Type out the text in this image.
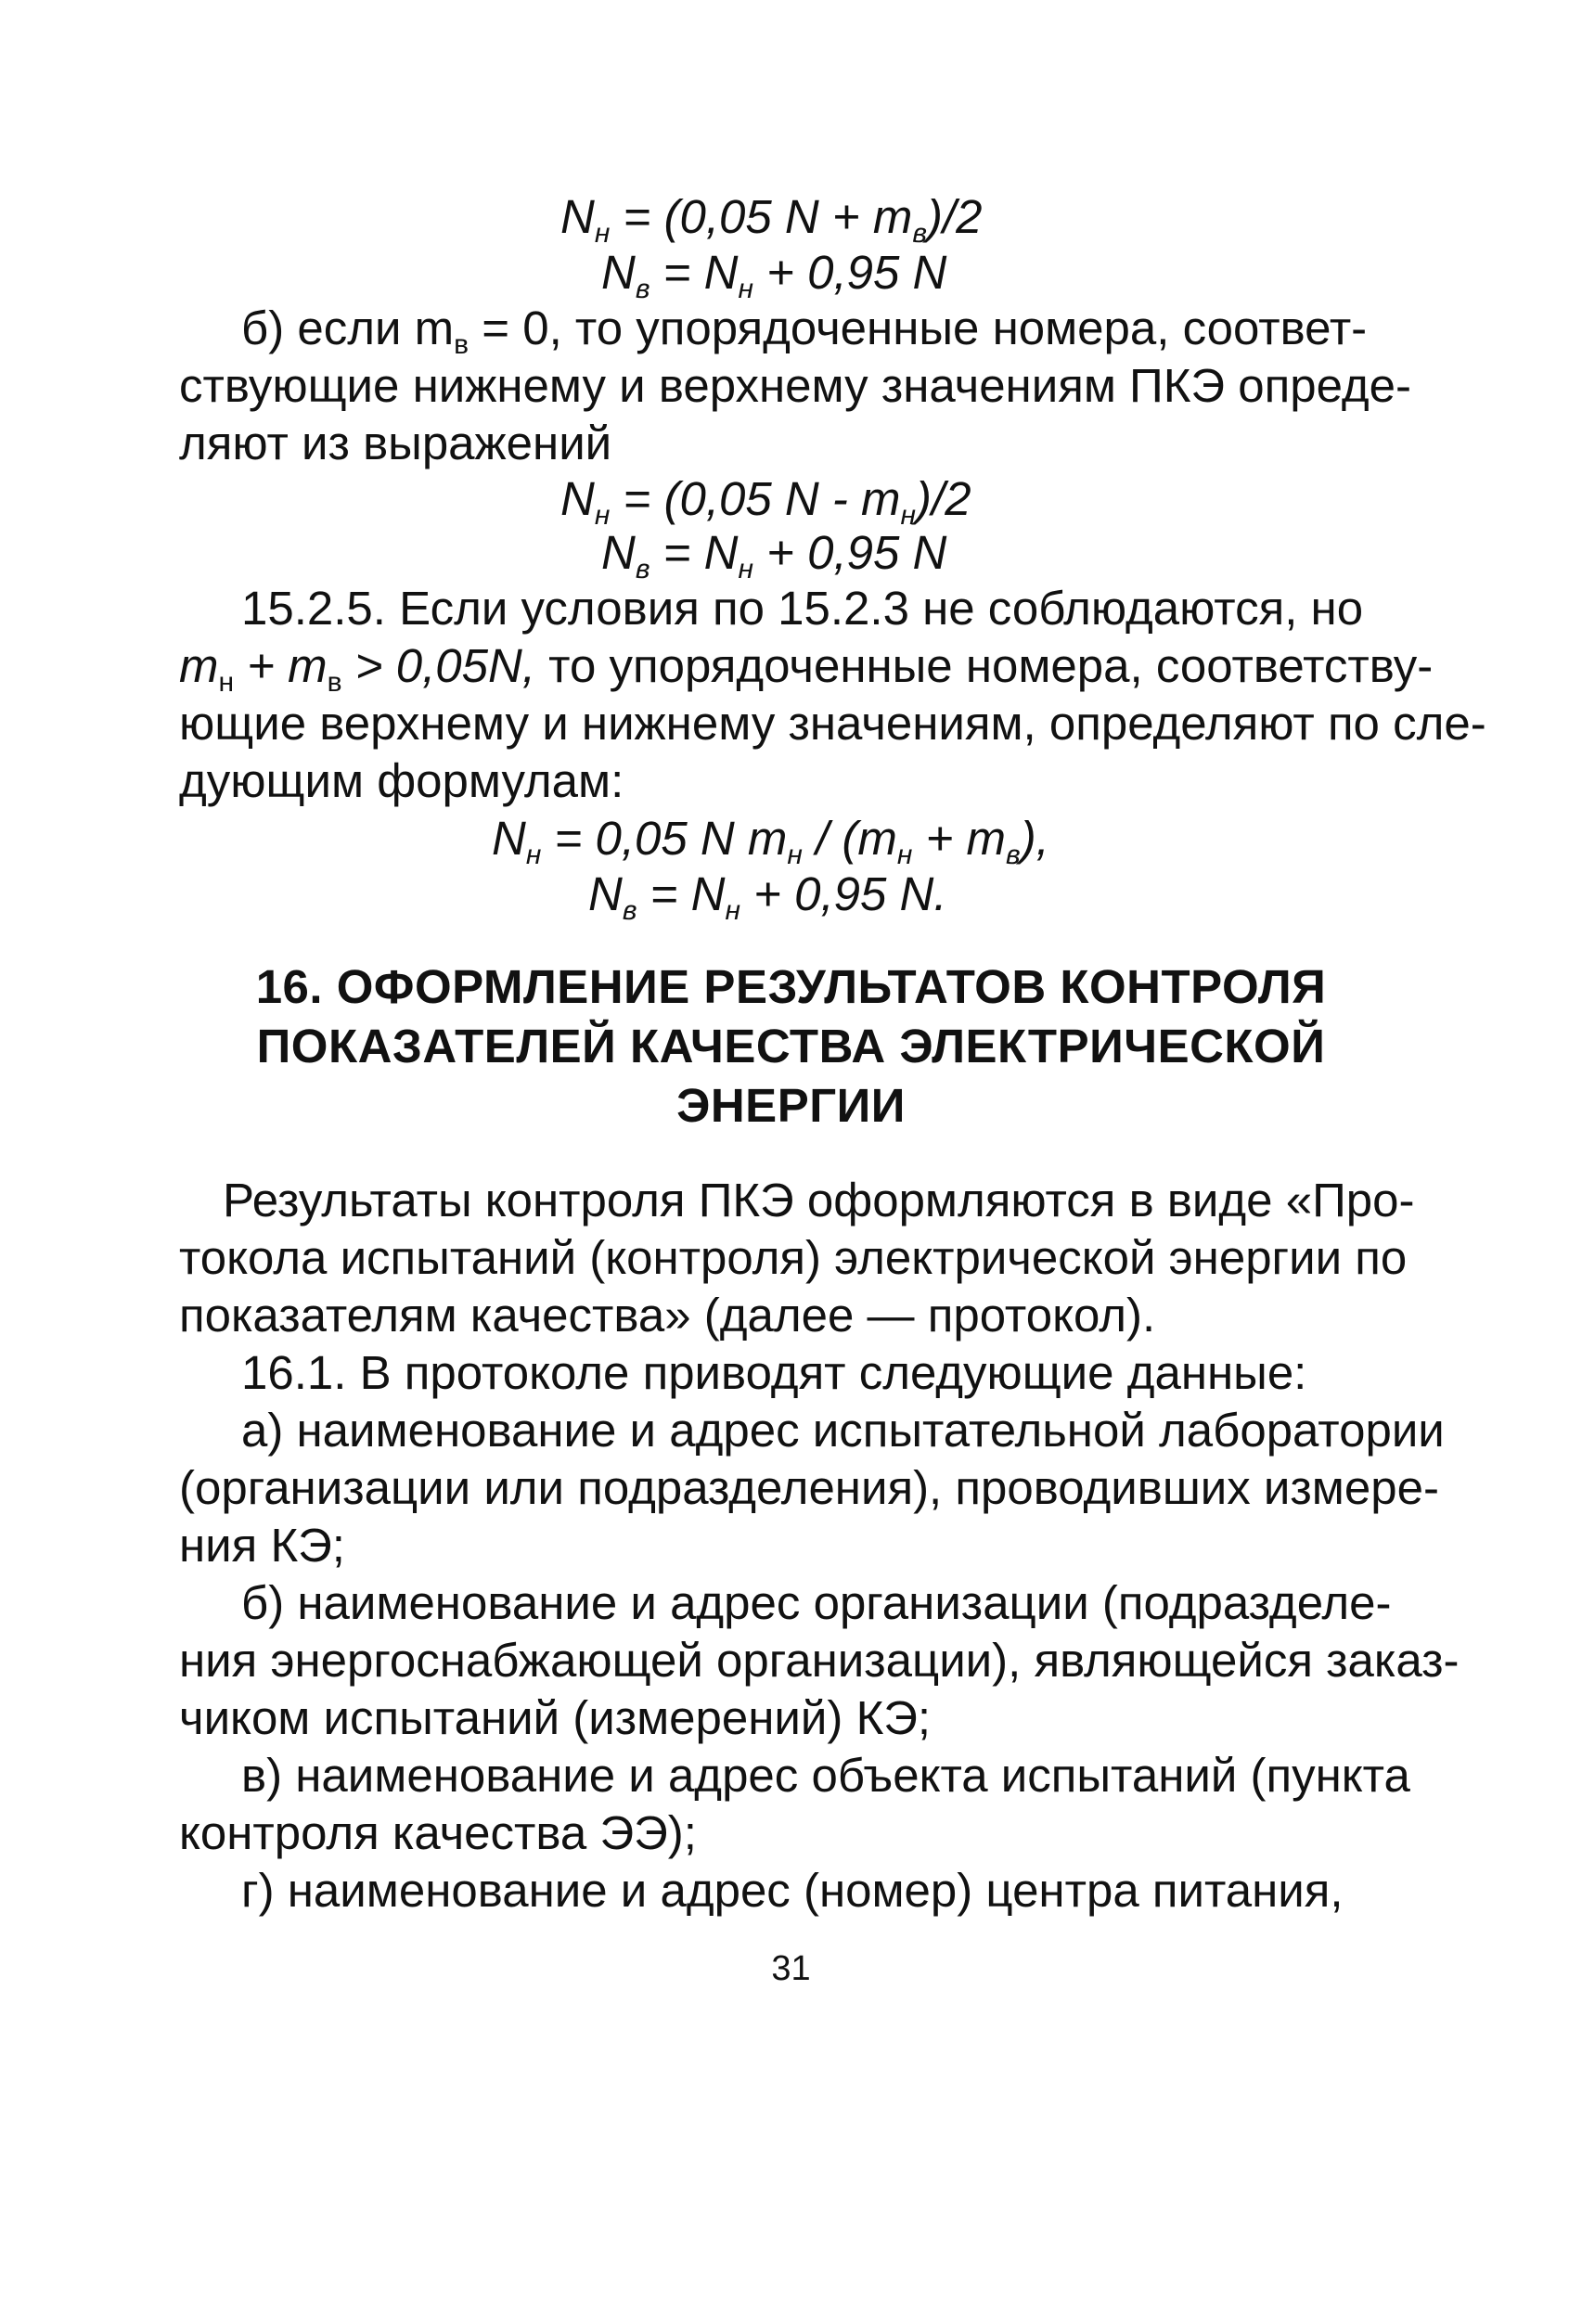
$N_н = (0,05$ $N + m_в)/2$
$N_в = N_н + 0,95$ N
б) если $m_в = 0$, то упорядоченные номера, соответ-
ствующие нижнему и верхнему значениям ПКЭ опреде-
ляют из выражений
$N_н = (0,05$ N - $m_н)/2$
$N_в = N_н + 0,95$ N
15.2.5. Если условия по 15.2.3 не соблюдаются, но
$m_н + m_в > 0,05N$, то упорядоченные номера, соответству-
ющие верхнему и нижнему значениям, определяют по сле-
дующим формулам:
$N_н = 0,05$ N $m_н / (m_н + m_в)$,
$N_в = N_н + 0,95$ N.
16. ОФОРМЛЕНИЕ РЕЗУЛЬТАТОВ КОНТРОЛЯ
ПОКАЗАТЕЛЕЙ КАЧЕСТВА ЭЛЕКТРИЧЕСКОЙ
ЭНЕРГИИ
Результаты контроля ПКЭ оформляются в виде «Про-
токола испытаний (контроля) электрической энергии по
показателям качества» (далее — протокол).
16.1. В протоколе приводят следующие данные:
а) наименование и адрес испытательной лаборатории
(организации или подразделения), проводивших измере-
ния КЭ;
б) наименование и адрес организации (подразделе-
ния энергоснабжающей организации), являющейся заказ-
чиком испытаний (измерений) КЭ;
в) наименование и адрес объекта испытаний (пункта
контроля качества ЭЭ);
г) наименование и адрес (номер) центра питания,
31
